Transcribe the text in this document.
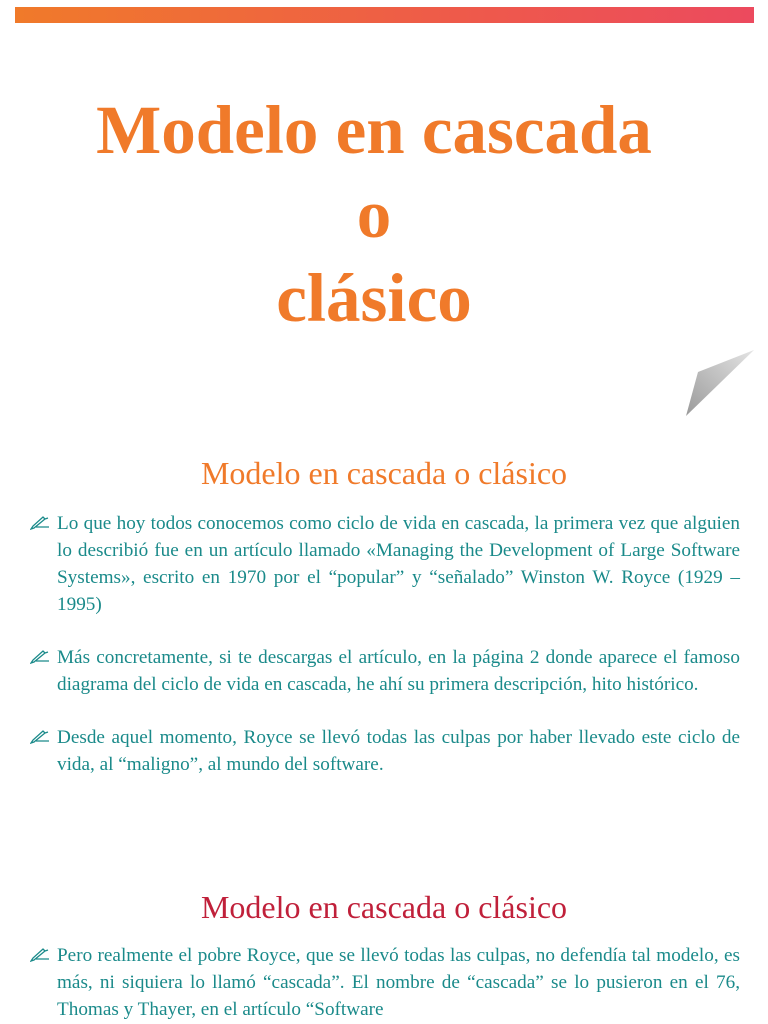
Modelo en cascada
o
clásico
Modelo en cascada o clásico
Lo que hoy todos conocemos como ciclo de vida en cascada, la primera vez que alguien lo describió fue en un artículo llamado «Managing the Development of Large Software Systems», escrito en 1970 por el “popular” y “señalado” Winston W. Royce (1929 – 1995)
Más concretamente, si te descargas el artículo, en la página 2 donde aparece el famoso diagrama del ciclo de vida en cascada, he ahí su primera descripción, hito histórico.
Desde aquel momento, Royce se llevó todas las culpas por haber llevado este ciclo de vida, al “maligno”, al mundo del software.
Modelo en cascada o clásico
Pero realmente el pobre Royce, que se llevó todas las culpas, no defendía tal modelo, es más, ni siquiera lo llamó “cascada”. El nombre de “cascada” se lo pusieron en el 76, Thomas y Thayer, en el artículo “Software
